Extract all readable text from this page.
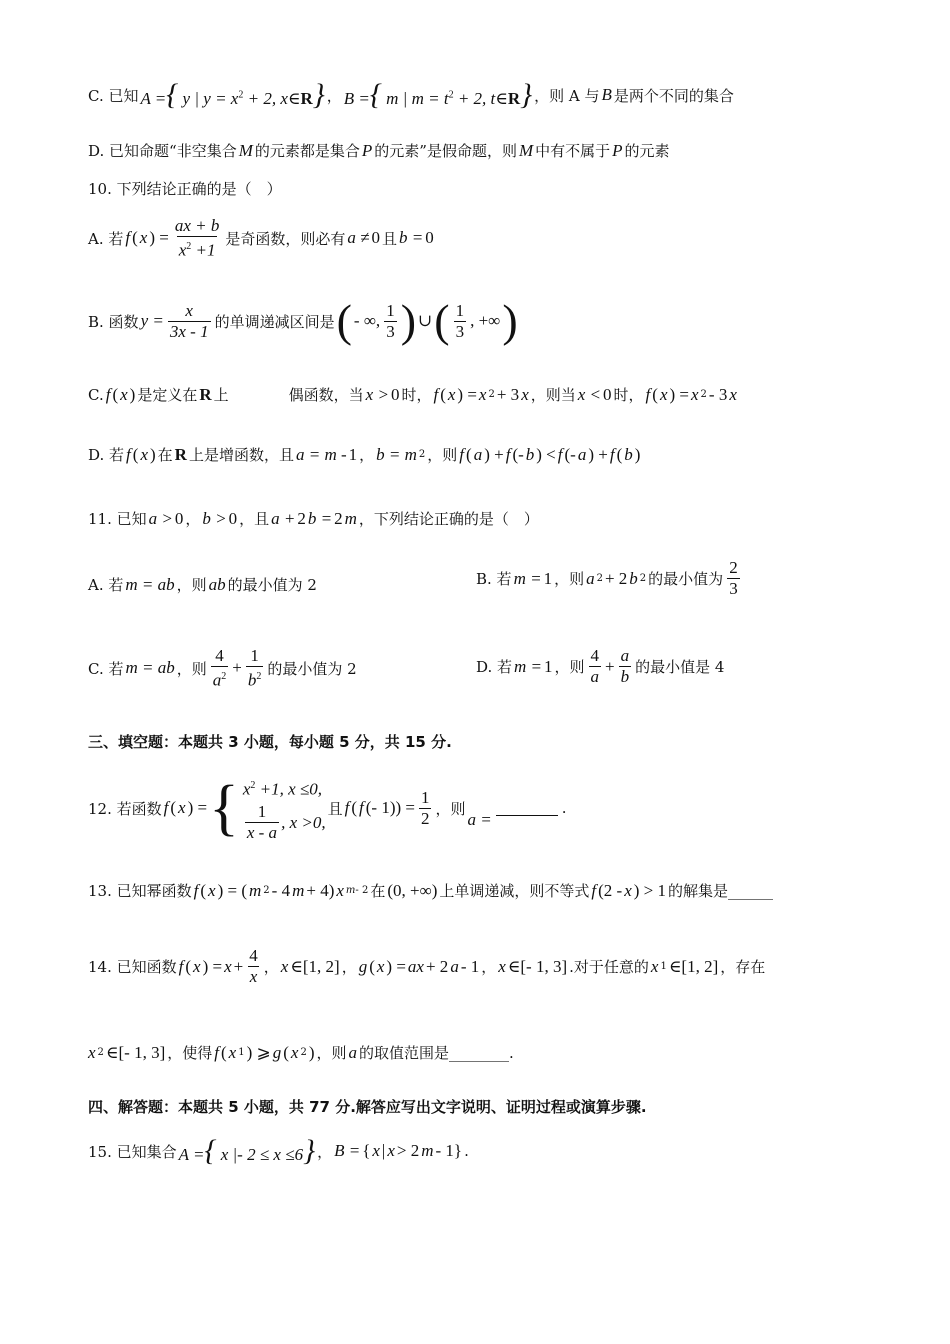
C. 已知 A ={ y | $y = x^2 + 2$, x∈R} ， B ={ m | $m = t^2 + 2$, t∈R} ，则 A 与 B 是两个不同的集合
D. 已知命题“非空集合 M 的元素都是集合 P 的元素”是假命题，则 M 中有不属于 P 的元素
10. 下列结论正确的是（　）
A. 若 f ( x ) = $\frac{ax + b}{x^2 +1}$ 是奇函数，则必有 a ≠ 0 且 b = 0
B. 函数 $y = \frac{x}{3x - 1}$ 的单调递减区间是 ( - ∞, $\frac{1}{3}$ ) ∪ ( $\frac{1}{3}$ , +∞ )
C. f ( x ) 是定义在 R 上	偶函数，当 x > 0 时， f ( x ) = x 2 + 3 x ，则当 x < 0 时， f ( x ) = x 2 - 3 x
D. 若 f ( x ) 在 R 上是增函数，且 a = m - 1 ， b = m 2 ，则 f ( a ) + f (- b ) < f (- a ) + f ( b )
11. 已知 a > 0 ， b > 0 ，且 a + 2 b = 2 m ，下列结论正确的是（　）
A. 若 m = ab ，则 ab 的最小值为 2	B. 若 m = 1 ，则 a 2 + 2 b 2 的最小值为 $\frac{2}{3}$
C. 若 m = ab ，则 $\frac{4}{a^2} + \frac{1}{b^2}$ 的最小值为 2	D. 若 m = 1 ，则 $\frac{4}{a} + \frac{a}{b}$ 的最小值是 4
三、填空题：本题共 3 小题，每小题 5 分，共 15 分.
12. 若函数 f ( x ) = { $x^2 +1$, x ≤0,
$\frac{1}{x - a}$ , x > 0,
且 f ( f (- $1)) = \frac{1}{2}$ ，则
a =
.
13. 已知幂函数 f ( x ) = ( m 2 - 4 m + 4) x m- 2 在 (0, +∞) 上单调递减，则不等式 f (2 - x ) > 1 的解集是______
14. 已知函数 f ( x ) = $x + \frac{4}{x}$ ， x ∈[1, 2] ， g ( x ) = ax + 2 a - 1 ， x ∈[- 1, 3] .对于任意的 x 1 ∈[1, 2] ，存在
x 2 ∈[- 1, 3] ，使得 f ( x 1 ) ⩾ g ( x 2 ) ，则 a 的取值范围是________.
四、解答题：本题共 5 小题，共 77 分.解答应写出文字说明、证明过程或演算步骤.
15. 已知集合 A ={ x |- 2 ≤ x ≤6} ， B = { x | x > 2 m - 1} .
